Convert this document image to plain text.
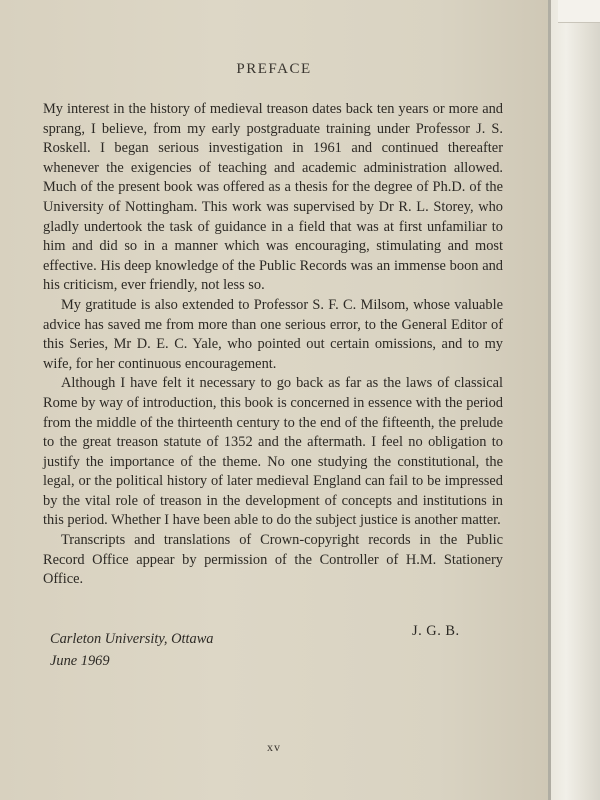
PREFACE

My interest in the history of medieval treason dates back ten years or more and sprang, I believe, from my early postgraduate training under Professor J. S. Roskell. I began serious investigation in 1961 and continued thereafter whenever the exigencies of teaching and academic administration allowed. Much of the present book was offered as a thesis for the degree of Ph.D. of the University of Nottingham. This work was supervised by Dr R. L. Storey, who gladly undertook the task of guidance in a field that was at first unfamiliar to him and did so in a manner which was encouraging, stimulating and most effective. His deep knowledge of the Public Records was an immense boon and his criticism, ever friendly, not less so.

My gratitude is also extended to Professor S. F. C. Milsom, whose valuable advice has saved me from more than one serious error, to the General Editor of this Series, Mr D. E. C. Yale, who pointed out certain omissions, and to my wife, for her continuous encouragement.

Although I have felt it necessary to go back as far as the laws of classical Rome by way of introduction, this book is concerned in essence with the period from the middle of the thirteenth century to the end of the fifteenth, the prelude to the great treason statute of 1352 and the aftermath. I feel no obligation to justify the importance of the theme. No one studying the constitutional, the legal, or the political history of later medieval England can fail to be impressed by the vital role of treason in the development of concepts and institutions in this period. Whether I have been able to do the subject justice is another matter.

Transcripts and translations of Crown-copyright records in the Public Record Office appear by permission of the Controller of H.M. Stationery Office.

Carleton University, Ottawa
June 1969
J. G. B.
xv
